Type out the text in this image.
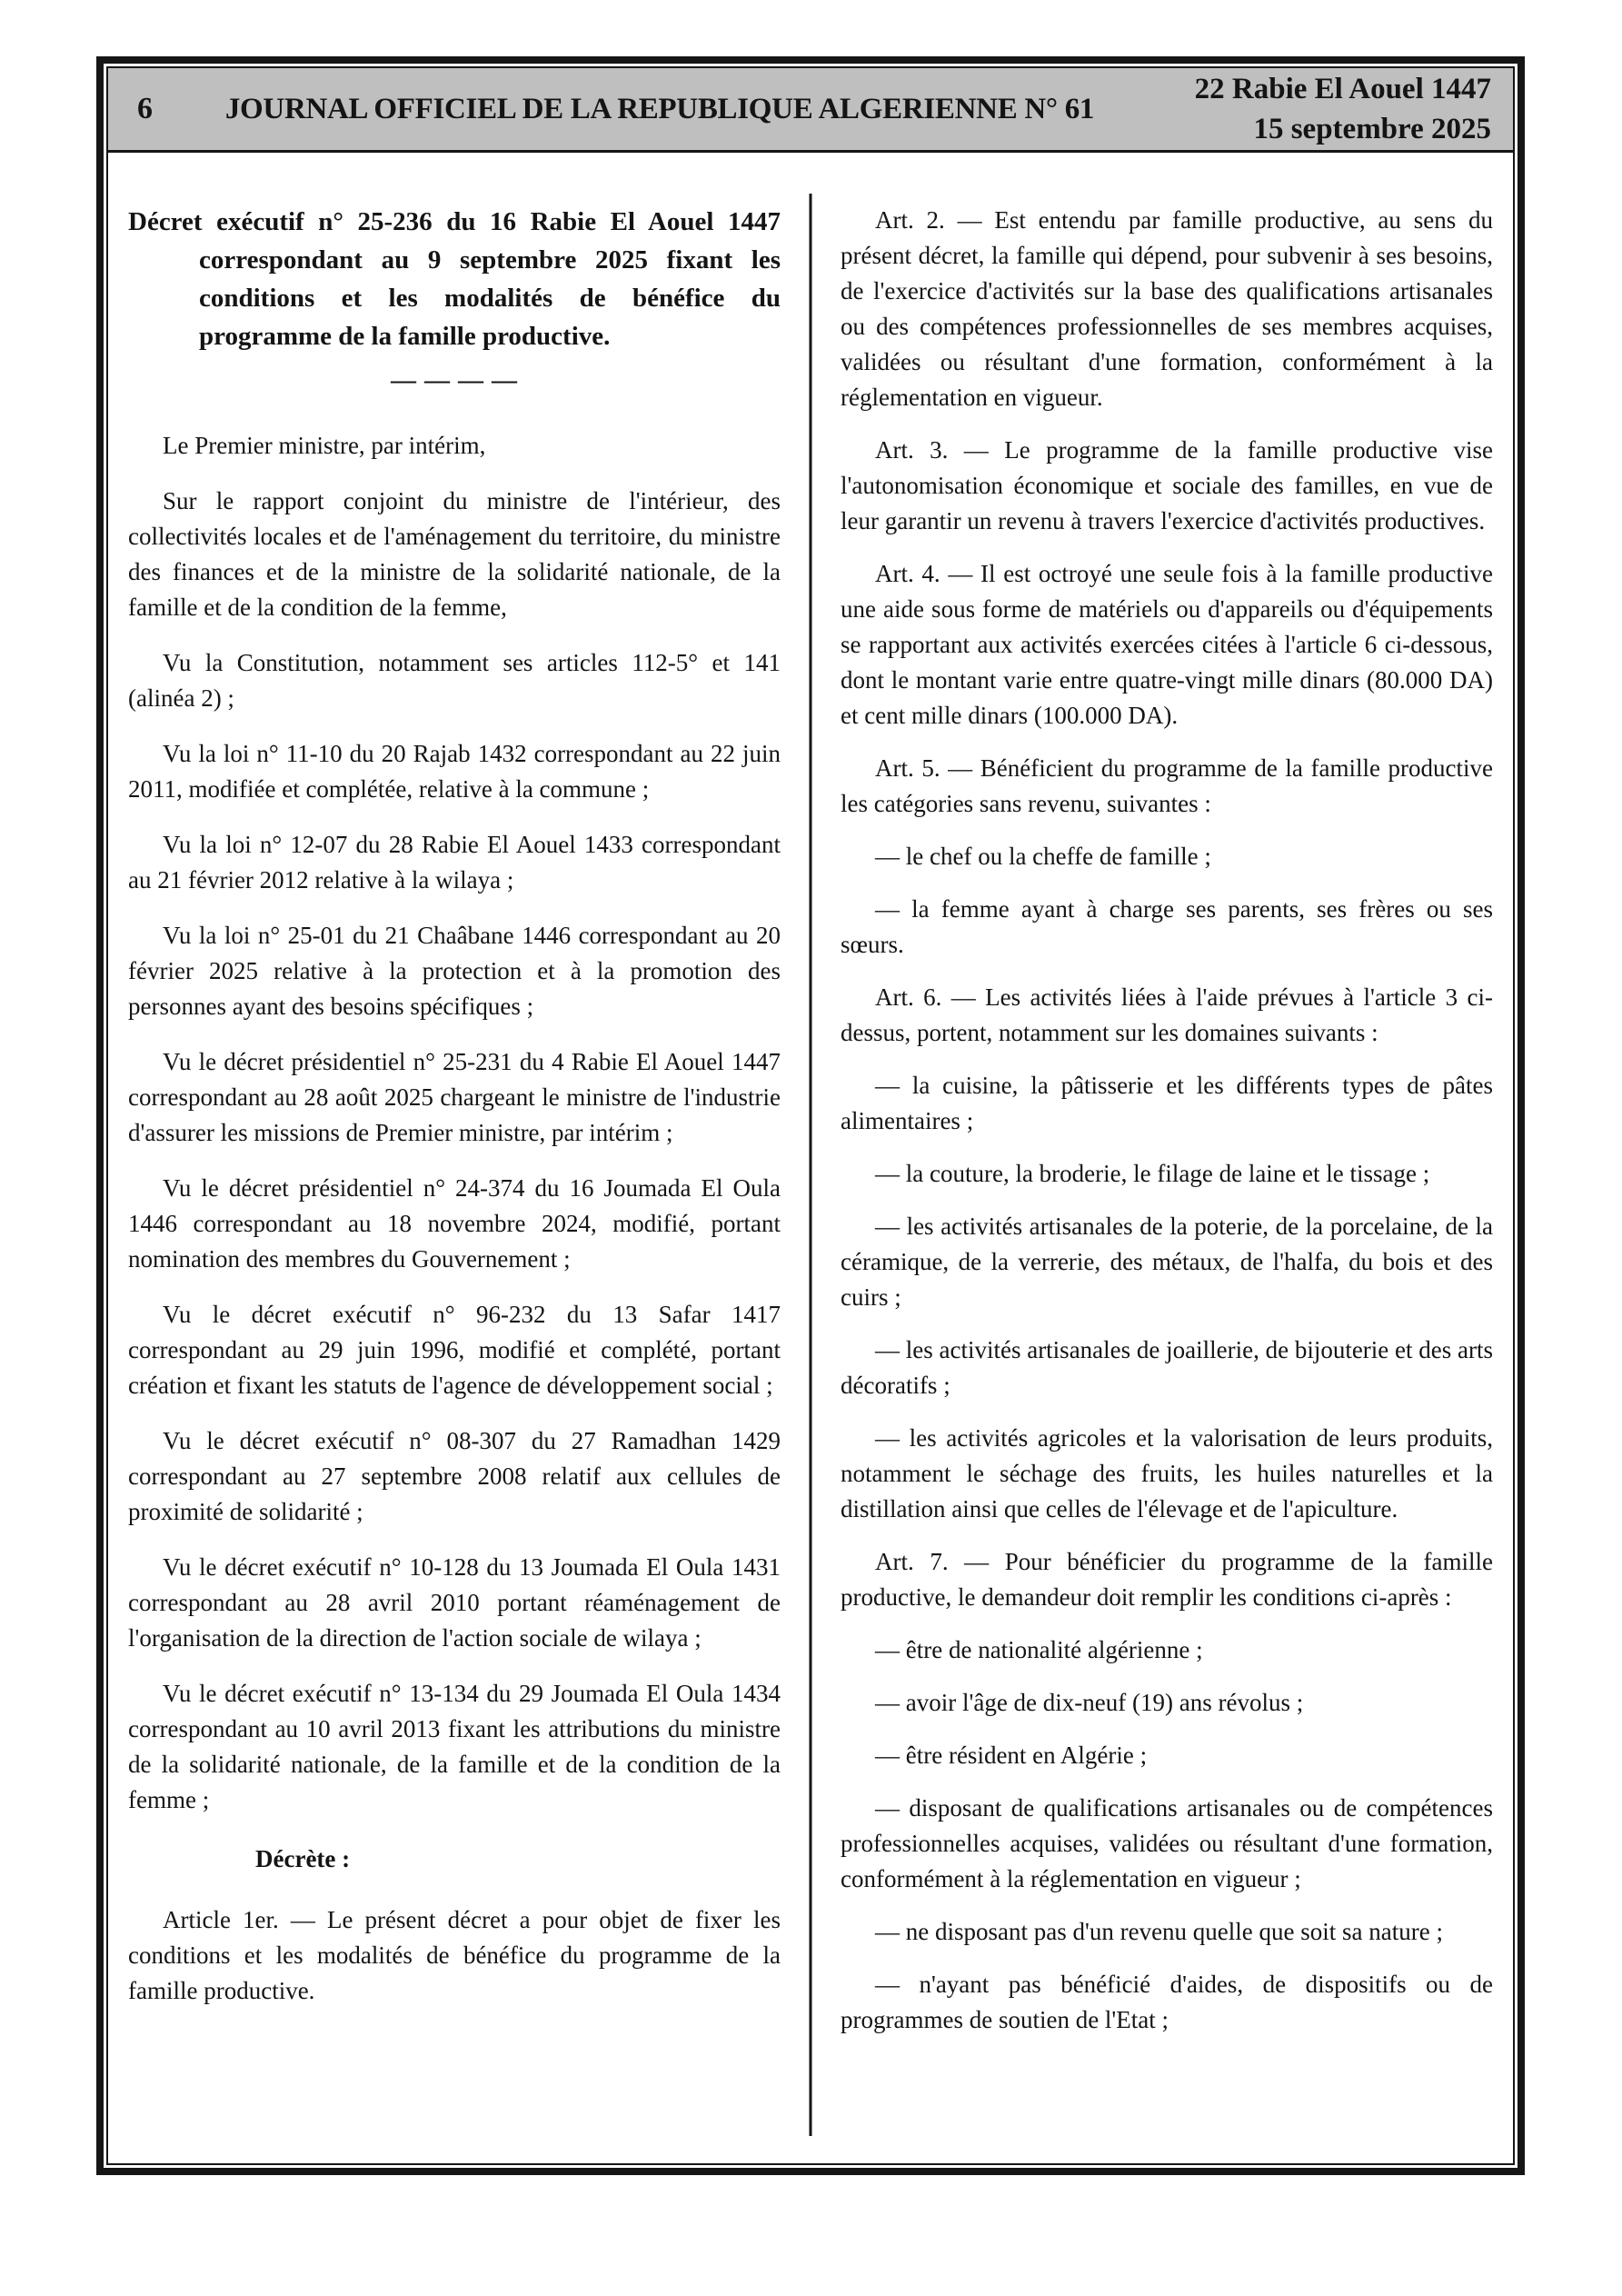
6	JOURNAL OFFICIEL DE LA REPUBLIQUE ALGERIENNE N° 61
22 Rabie El Aouel 1447
15 septembre 2025
Décret exécutif n° 25-236 du 16 Rabie El Aouel 1447 correspondant au 9 septembre 2025 fixant les conditions et les modalités de bénéfice du programme de la famille productive.
— — — —

Le Premier ministre, par intérim,

Sur le rapport conjoint du ministre de l'intérieur, des collectivités locales et de l'aménagement du territoire, du ministre des finances et de la ministre de la solidarité nationale, de la famille et de la condition de la femme,

Vu la Constitution, notamment ses articles 112-5° et 141 (alinéa 2) ;

Vu la loi n° 11-10 du 20 Rajab 1432 correspondant au 22 juin 2011, modifiée et complétée, relative à la commune ;

Vu la loi n° 12-07 du 28 Rabie El Aouel 1433 correspondant au 21 février 2012 relative à la wilaya ;

Vu la loi n° 25-01 du 21 Chaâbane 1446 correspondant au 20 février 2025 relative à la protection et à la promotion des personnes ayant des besoins spécifiques ;

Vu le décret présidentiel n° 25-231 du 4 Rabie El Aouel 1447 correspondant au 28 août 2025 chargeant le ministre de l'industrie d'assurer les missions de Premier ministre, par intérim ;

Vu le décret présidentiel n° 24-374 du 16 Joumada El Oula 1446 correspondant au 18 novembre 2024, modifié, portant nomination des membres du Gouvernement ;

Vu le décret exécutif n° 96-232 du 13 Safar 1417 correspondant au 29 juin 1996, modifié et complété, portant création et fixant les statuts de l'agence de développement social ;

Vu le décret exécutif n° 08-307 du 27 Ramadhan 1429 correspondant au 27 septembre 2008 relatif aux cellules de proximité de solidarité ;

Vu le décret exécutif n° 10-128 du 13 Joumada El Oula 1431 correspondant au 28 avril 2010 portant réaménagement de l'organisation de la direction de l'action sociale de wilaya ;

Vu le décret exécutif n° 13-134 du 29 Joumada El Oula 1434 correspondant au 10 avril 2013 fixant les attributions du ministre de la solidarité nationale, de la famille et de la condition de la femme ;

Décrète :

Article 1er. — Le présent décret a pour objet de fixer les conditions et les modalités de bénéfice du programme de la famille productive.

Art. 2. — Est entendu par famille productive, au sens du présent décret, la famille qui dépend, pour subvenir à ses besoins, de l'exercice d'activités sur la base des qualifications artisanales ou des compétences professionnelles de ses membres acquises, validées ou résultant d'une formation, conformément à la réglementation en vigueur.

Art. 3. — Le programme de la famille productive vise l'autonomisation économique et sociale des familles, en vue de leur garantir un revenu à travers l'exercice d'activités productives.

Art. 4. — Il est octroyé une seule fois à la famille productive une aide sous forme de matériels ou d'appareils ou d'équipements se rapportant aux activités exercées citées à l'article 6 ci-dessous, dont le montant varie entre quatre-vingt mille dinars (80.000 DA) et cent mille dinars (100.000 DA).

Art. 5. — Bénéficient du programme de la famille productive les catégories sans revenu, suivantes :

— le chef ou la cheffe de famille ;

— la femme ayant à charge ses parents, ses frères ou ses sœurs.

Art. 6. — Les activités liées à l'aide prévues à l'article 3 ci-dessus, portent, notamment sur les domaines suivants :

— la cuisine, la pâtisserie et les différents types de pâtes alimentaires ;

— la couture, la broderie, le filage de laine et le tissage ;

— les activités artisanales de la poterie, de la porcelaine, de la céramique, de la verrerie, des métaux, de l'halfa, du bois et des cuirs ;

— les activités artisanales de joaillerie, de bijouterie et des arts décoratifs ;

— les activités agricoles et la valorisation de leurs produits, notamment le séchage des fruits, les huiles naturelles et la distillation ainsi que celles de l'élevage et de l'apiculture.

Art. 7. — Pour bénéficier du programme de la famille productive, le demandeur doit remplir les conditions ci-après :

— être de nationalité algérienne ;

— avoir l'âge de dix-neuf (19) ans révolus ;

— être résident en Algérie ;

— disposant de qualifications artisanales ou de compétences professionnelles acquises, validées ou résultant d'une formation, conformément à la réglementation en vigueur ;

— ne disposant pas d'un revenu quelle que soit sa nature ;

— n'ayant pas bénéficié d'aides, de dispositifs ou de programmes de soutien de l'Etat ;
